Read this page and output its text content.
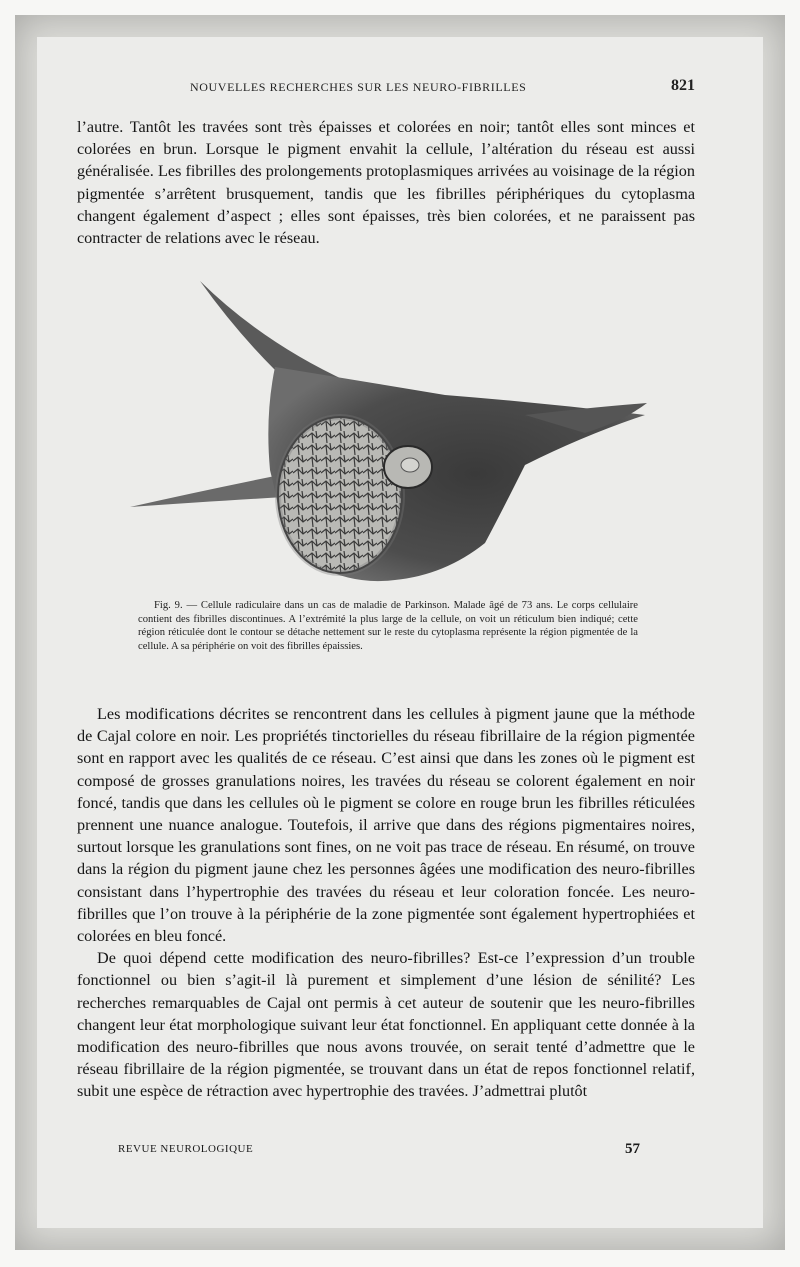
NOUVELLES RECHERCHES SUR LES NEURO-FIBRILLES	821

l’autre. Tantôt les travées sont très épaisses et colorées en noir; tantôt elles sont minces et colorées en brun. Lorsque le pigment envahit la cellule, l’altération du réseau est aussi généralisée. Les fibrilles des prolongements protoplasmiques arrivées au voisinage de la région pigmentée s’arrêtent brusquement, tandis que les fibrilles périphériques du cytoplasma changent également d’aspect ; elles sont épaisses, très bien colorées, et ne paraissent pas contracter de relations avec le réseau.

Fig. 9. — Cellule radiculaire dans un cas de maladie de Parkinson. Malade âgé de 73 ans. Le corps cellulaire contient des fibrilles discontinues. A l’extrémité la plus large de la cellule, on voit un réticulum bien indiqué; cette région réticulée dont le contour se détache nettement sur le reste du cytoplasma représente la région pigmentée de la cellule. A sa périphérie on voit des fibrilles épaissies.

Les modifications décrites se rencontrent dans les cellules à pigment jaune que la méthode de Cajal colore en noir. Les propriétés tinctorielles du réseau fibrillaire de la région pigmentée sont en rapport avec les qualités de ce réseau. C’est ainsi que dans les zones où le pigment est composé de grosses granulations noires, les travées du réseau se colorent également en noir foncé, tandis que dans les cellules où le pigment se colore en rouge brun les fibrilles réticulées prennent une nuance analogue. Toutefois, il arrive que dans des régions pigmentaires noires, surtout lorsque les granulations sont fines, on ne voit pas trace de réseau. En résumé, on trouve dans la région du pigment jaune chez les personnes âgées une modification des neuro-fibrilles consistant dans l’hypertrophie des travées du réseau et leur coloration foncée. Les neuro-fibrilles que l’on trouve à la périphérie de la zone pigmentée sont également hypertrophiées et colorées en bleu foncé.

De quoi dépend cette modification des neuro-fibrilles? Est-ce l’expression d’un trouble fonctionnel ou bien s’agit-il là purement et simplement d’une lésion de sénilité? Les recherches remarquables de Cajal ont permis à cet auteur de soutenir que les neuro-fibrilles changent leur état morphologique suivant leur état fonctionnel. En appliquant cette donnée à la modification des neuro-fibrilles que nous avons trouvée, on serait tenté d’admettre que le réseau fibrillaire de la région pigmentée, se trouvant dans un état de repos fonctionnel relatif, subit une espèce de rétraction avec hypertrophie des travées. J’admettrai plutôt

REVUE NEUROLOGIQUE	57
